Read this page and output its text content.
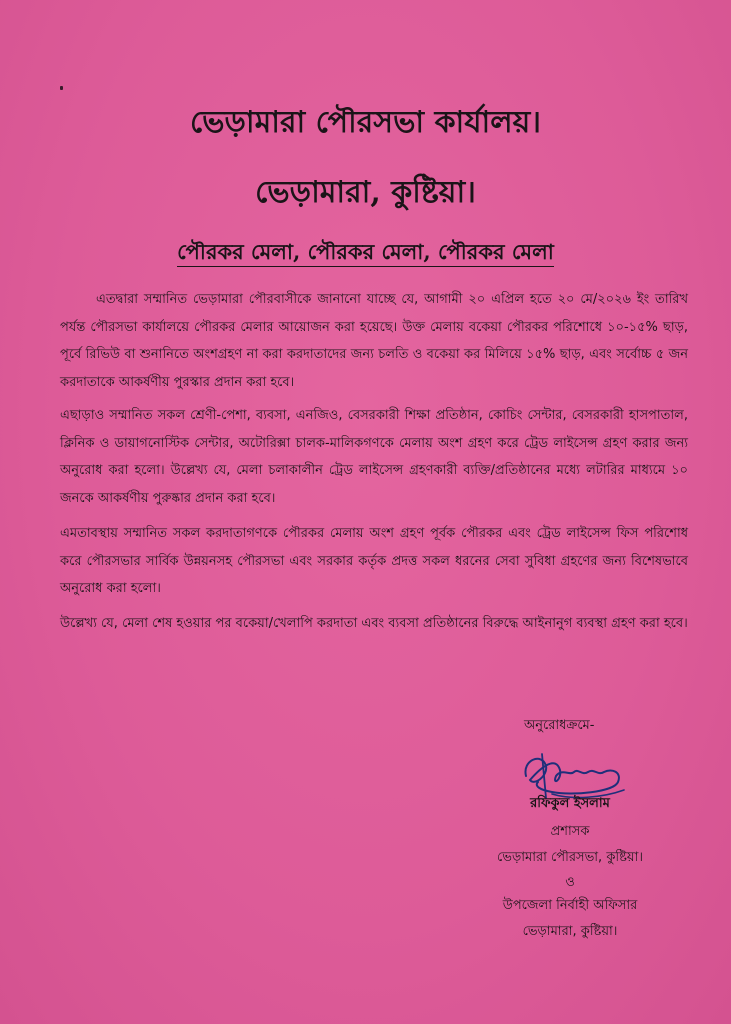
ভেড়ামারা পৌরসভা কার্যালয়।
ভেড়ামারা, কুষ্টিয়া।
পৌরকর মেলা, পৌরকর মেলা, পৌরকর মেলা
এতদ্বারা সম্মানিত ভেড়ামারা পৌরবাসীকে জানানো যাচ্ছে যে, আগামী ২০ এপ্রিল হতে ২০ মে/২০২৬ ইং তারিখ পর্যন্ত পৌরসভা কার্যালয়ে পৌরকর মেলার আয়োজন করা হয়েছে। উক্ত মেলায় বকেয়া পৌরকর পরিশোধে ১০-১৫% ছাড়, পূর্বে রিভিউ বা শুনানিতে অংশগ্রহণ না করা করদাতাদের জন্য চলতি ও বকেয়া কর মিলিয়ে ১৫% ছাড়, এবং সর্বোচ্চ ৫ জন করদাতাকে আকর্ষণীয় পুরস্কার প্রদান করা হবে।
এছাড়াও সম্মানিত সকল শ্রেণী-পেশা, ব্যবসা, এনজিও, বেসরকারী শিক্ষা প্রতিষ্ঠান, কোচিং সেন্টার, বেসরকারী হাসপাতাল, ক্লিনিক ও ডায়াগনোস্টিক সেন্টার, অটোরিক্সা চালক-মালিকগণকে মেলায় অংশ গ্রহণ করে ট্রেড লাইসেন্স গ্রহণ করার জন্য অনুরোধ করা হলো। উল্লেখ্য যে, মেলা চলাকালীন ট্রেড লাইসেন্স গ্রহণকারী ব্যক্তি/প্রতিষ্ঠানের মধ্যে লটারির মাধ্যমে ১০ জনকে আকর্ষণীয় পুরুষ্কার প্রদান করা হবে।
এমতাবস্থায় সম্মানিত সকল করদাতাগণকে পৌরকর মেলায় অংশ গ্রহণ পূর্বক পৌরকর এবং ট্রেড লাইসেন্স ফিস পরিশোধ করে পৌরসভার সার্বিক উন্নয়নসহ পৌরসভা এবং সরকার কর্তৃক প্রদত্ত সকল ধরনের সেবা সুবিধা গ্রহণের জন্য বিশেষভাবে অনুরোধ করা হলো।
উল্লেখ্য যে, মেলা শেষ হওয়ার পর বকেয়া/খেলাপি করদাতা এবং ব্যবসা প্রতিষ্ঠানের বিরুদ্ধে আইনানুগ ব্যবস্থা গ্রহণ করা হবে।
অনুরোধক্রমে-
রফিকুল ইসলাম
প্রশাসক
ভেড়ামারা পৌরসভা, কুষ্টিয়া।
ও
উপজেলা নির্বাহী অফিসার
ভেড়ামারা, কুষ্টিয়া।
